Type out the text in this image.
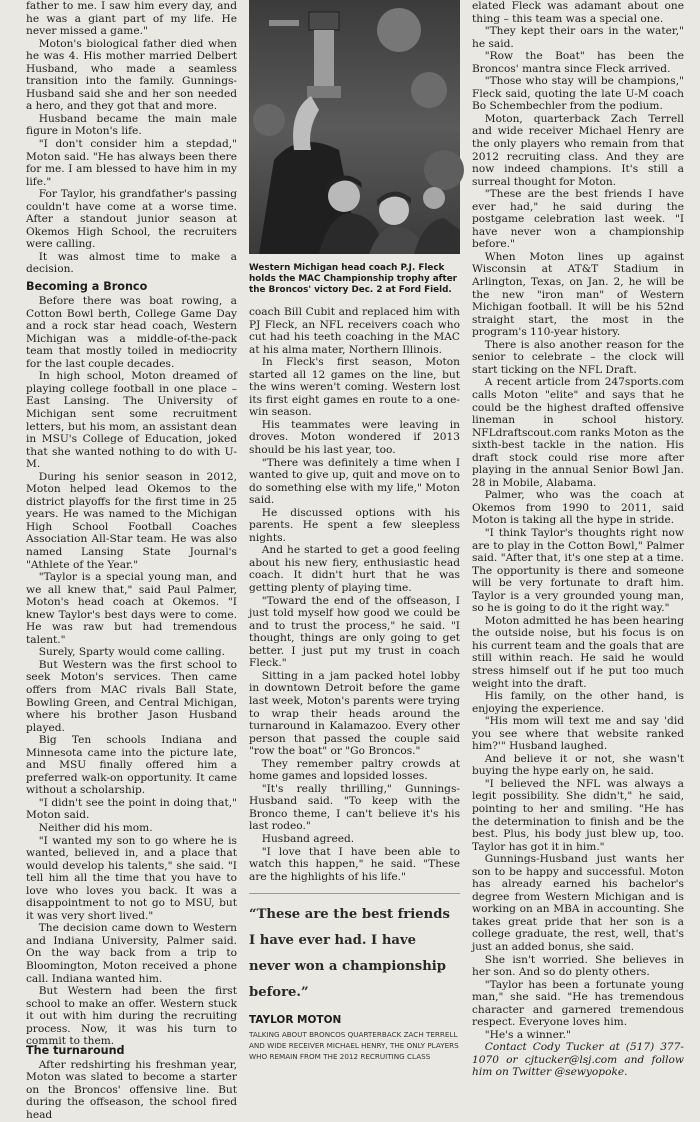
father to me. I saw him every day, and he was a giant part of my life. He never missed a game."

Moton's biological father died when he was 4. His mother married Delbert Husband, who made a seamless transition into the family. Gunnings-Husband said she and her son needed a hero, and they got that and more.

Husband became the main male figure in Moton's life.

"I don't consider him a stepdad," Moton said. "He has always been there for me. I am blessed to have him in my life."

For Taylor, his grandfather's passing couldn't have come at a worse time. After a standout junior season at Okemos High School, the recruiters were calling.

It was almost time to make a decision.

Becoming a Bronco

Before there was boat rowing, a Cotton Bowl berth, College Game Day and a rock star head coach, Western Michigan was a middle-of-the-pack team that mostly toiled in mediocrity for the last couple decades.

In high school, Moton dreamed of playing college football in one place – East Lansing. The University of Michigan sent some recruitment letters, but his mom, an assistant dean in MSU's College of Education, joked that she wanted nothing to do with U-M.

During his senior season in 2012, Moton helped lead Okemos to the district playoffs for the first time in 25 years. He was named to the Michigan High School Football Coaches Association All-Star team. He was also named Lansing State Journal's "Athlete of the Year."

"Taylor is a special young man, and we all knew that," said Paul Palmer, Moton's head coach at Okemos. "I knew Taylor's best days were to come. He was raw but had tremendous talent."

Surely, Sparty would come calling.

But Western was the first school to seek Moton's services. Then came offers from MAC rivals Ball State, Bowling Green, and Central Michigan, where his brother Jason Husband played.

Big Ten schools Indiana and Minnesota came into the picture late, and MSU finally offered him a preferred walk-on opportunity. It came without a scholarship.

"I didn't see the point in doing that," Moton said.

Neither did his mom.

"I wanted my son to go where he is wanted, believed in, and a place that would develop his talents," she said. "I tell him all the time that you have to love who loves you back. It was a disappointment to not go to MSU, but it was very short lived."

The decision came down to Western and Indiana University, Palmer said. On the way back from a trip to Bloomington, Moton received a phone call. Indiana wanted him.

But Western had been the first school to make an offer. Western stuck it out with him during the recruiting process. Now, it was his turn to commit to them.

The turnaround

After redshirting his freshman year, Moton was slated to become a starter on the Broncos' offensive line. But during the offseason, the school fired head

Western Michigan head coach P.J. Fleck holds the MAC Championship trophy after the Broncos' victory Dec. 2 at Ford Field.

coach Bill Cubit and replaced him with PJ Fleck, an NFL receivers coach who cut had his teeth coaching in the MAC at his alma mater, Northern Illinois.

In Fleck's first season, Moton started all 12 games on the line, but the wins weren't coming. Western lost its first eight games en route to a one-win season.

His teammates were leaving in droves. Moton wondered if 2013 should be his last year, too.

"There was definitely a time when I wanted to give up, quit and move on to do something else with my life," Moton said.

He discussed options with his parents. He spent a few sleepless nights.

And he started to get a good feeling about his new fiery, enthusiastic head coach. It didn't hurt that he was getting plenty of playing time.

"Toward the end of the offseason, I just told myself how good we could be and to trust the process," he said. "I thought, things are only going to get better. I just put my trust in coach Fleck."

Sitting in a jam packed hotel lobby in downtown Detroit before the game last week, Moton's parents were trying to wrap their heads around the turnaround in Kalamazoo. Every other person that passed the couple said "row the boat" or "Go Broncos."

They remember paltry crowds at home games and lopsided losses.

"It's really thrilling," Gunnings-Husband said. "To keep with the Bronco theme, I can't believe it's his last rodeo."

Husband agreed.

"I love that I have been able to watch this happen," he said. "These are the highlights of his life."

“These are the best friends I have ever had. I have never won a championship before.”
TAYLOR MOTON
TALKING ABOUT BRONCOS QUARTERBACK ZACH TERRELL AND WIDE RECEIVER MICHAEL HENRY, THE ONLY PLAYERS WHO REMAIN FROM THE 2012 RECRUITING CLASS

elated Fleck was adamant about one thing – this team was a special one.

"They kept their oars in the water," he said.

"Row the Boat" has been the Broncos' mantra since Fleck arrived.

"Those who stay will be champions," Fleck said, quoting the late U-M coach Bo Schembechler from the podium.

Moton, quarterback Zach Terrell and wide receiver Michael Henry are the only players who remain from that 2012 recruiting class. And they are now indeed champions. It's still a surreal thought for Moton.

"These are the best friends I have ever had," he said during the postgame celebration last week. "I have never won a championship before."

When Moton lines up against Wisconsin at AT&T Stadium in Arlington, Texas, on Jan. 2, he will be the new "iron man" of Western Michigan football. It will be his 52nd straight start, the most in the program's 110-year history.

There is also another reason for the senior to celebrate – the clock will start ticking on the NFL Draft.

A recent article from 247sports.com calls Moton "elite" and says that he could be the highest drafted offensive lineman in school history. NFLdraftscout.com ranks Moton as the sixth-best tackle in the nation. His draft stock could rise more after playing in the annual Senior Bowl Jan. 28 in Mobile, Alabama.

Palmer, who was the coach at Okemos from 1990 to 2011, said Moton is taking all the hype in stride.

"I think Taylor's thoughts right now are to play in the Cotton Bowl," Palmer said. "After that, it's one step at a time. The opportunity is there and someone will be very fortunate to draft him. Taylor is a very grounded young man, so he is going to do it the right way."

Moton admitted he has been hearing the outside noise, but his focus is on his current team and the goals that are still within reach. He said he would stress himself out if he put too much weight into the draft.

His family, on the other hand, is enjoying the experience.

"His mom will text me and say 'did you see where that website ranked him?'" Husband laughed.

And believe it or not, she wasn't buying the hype early on, he said.

"I believed the NFL was always a legit possibility. She didn't," he said, pointing to her and smiling. "He has the determination to finish and be the best. Plus, his body just blew up, too. Taylor has got it in him."

Gunnings-Husband just wants her son to be happy and successful. Moton has already earned his bachelor's degree from Western Michigan and is working on an MBA in accounting. She takes great pride that her son is a college graduate, the rest, well, that's just an added bonus, she said.

She isn't worried. She believes in her son. And so do plenty others.

"Taylor has been a fortunate young man," she said. "He has tremendous character and garnered tremendous respect. Everyone loves him.

"He's a winner."

Contact Cody Tucker at (517) 377-1070 or cjtucker@lsj.com and follow him on Twitter @sewyopoke.
